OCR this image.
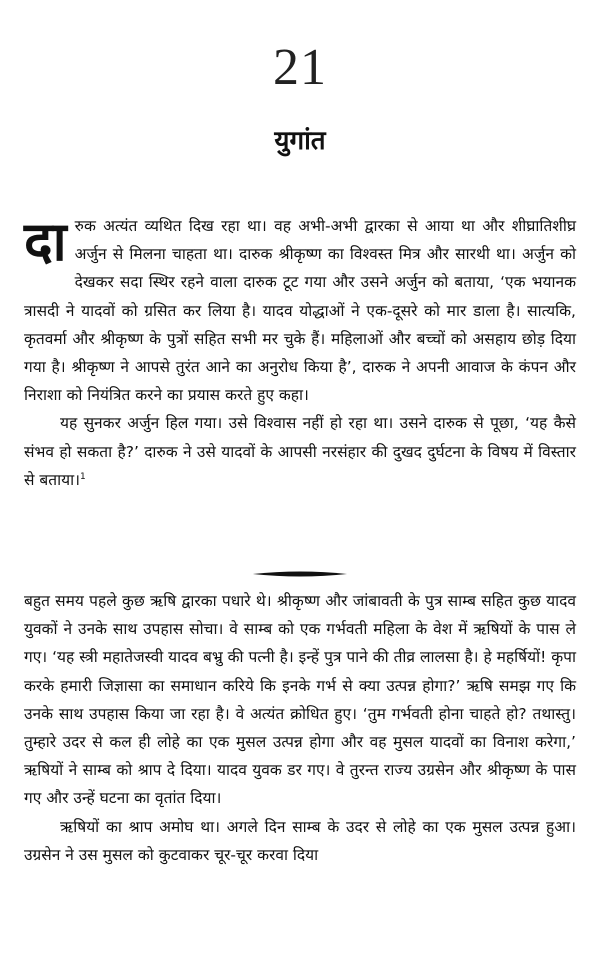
21
युगांत

दारुक अत्यंत व्यथित दिख रहा था। वह अभी-अभी द्वारका से आया था और शीघ्रातिशीघ्र अर्जुन से मिलना चाहता था। दारुक श्रीकृष्ण का विश्वस्त मित्र और सारथी था। अर्जुन को देखकर सदा स्थिर रहने वाला दारुक टूट गया और उसने अर्जुन को बताया, ‘एक भयानक त्रासदी ने यादवों को ग्रसित कर लिया है। यादव योद्धाओं ने एक-दूसरे को मार डाला है। सात्यकि, कृतवर्मा और श्रीकृष्ण के पुत्रों सहित सभी मर चुके हैं। महिलाओं और बच्चों को असहाय छोड़ दिया गया है। श्रीकृष्ण ने आपसे तुरंत आने का अनुरोध किया है’, दारुक ने अपनी आवाज के कंपन और निराशा को नियंत्रित करने का प्रयास करते हुए कहा।

यह सुनकर अर्जुन हिल गया। उसे विश्वास नहीं हो रहा था। उसने दारुक से पूछा, ‘यह कैसे संभव हो सकता है?’ दारुक ने उसे यादवों के आपसी नरसंहार की दुखद दुर्घटना के विषय में विस्तार से बताया।$^1$

बहुत समय पहले कुछ ऋषि द्वारका पधारे थे। श्रीकृष्ण और जांबावती के पुत्र साम्ब सहित कुछ यादव युवकों ने उनके साथ उपहास सोचा। वे साम्ब को एक गर्भवती महिला के वेश में ऋषियों के पास ले गए। ‘यह स्त्री महातेजस्वी यादव बभ्रु की पत्नी है। इन्हें पुत्र पाने की तीव्र लालसा है। हे महर्षियों! कृपा करके हमारी जिज्ञासा का समाधान करिये कि इनके गर्भ से क्या उत्पन्न होगा?’ ऋषि समझ गए कि उनके साथ उपहास किया जा रहा है। वे अत्यंत क्रोधित हुए। ‘तुम गर्भवती होना चाहते हो? तथास्तु। तुम्हारे उदर से कल ही लोहे का एक मुसल उत्पन्न होगा और वह मुसल यादवों का विनाश करेगा,’ ऋषियों ने साम्ब को श्राप दे दिया। यादव युवक डर गए। वे तुरन्त राज्य उग्रसेन और श्रीकृष्ण के पास गए और उन्हें घटना का वृतांत दिया।

ऋषियों का श्राप अमोघ था। अगले दिन साम्ब के उदर से लोहे का एक मुसल उत्पन्न हुआ। उग्रसेन ने उस मुसल को कुटवाकर चूर-चूर करवा दिया
